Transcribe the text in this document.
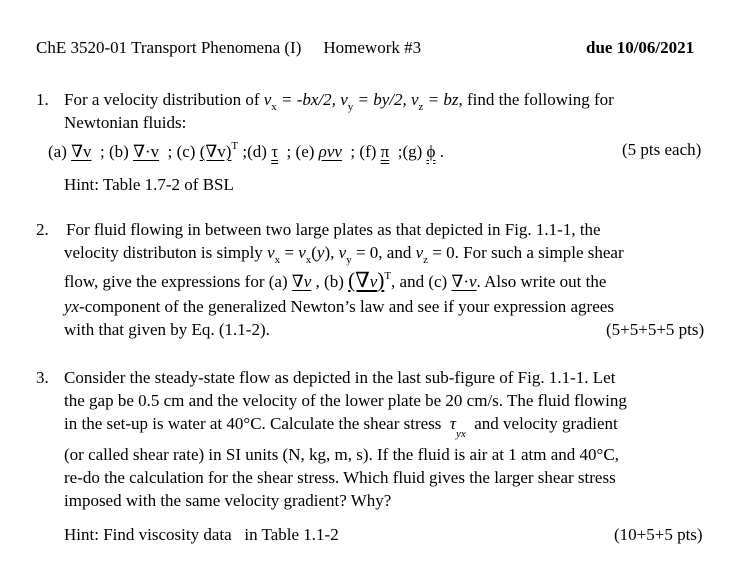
ChE 3520-01 Transport Phenomena (I) Homework #3	due 10/06/2021
1. For a velocity distribution of $v_x = -bx/2$, $v_y = by/2$, $v_z$ = bz, find the following for
Newtonian fluids:
(a) ∇v ; (b) ∇·v ; (c) $(\nabla v)^T$ ;(d) τ ; (e) ρvv ; (f) π ;(g) ϕ .	(5 pts each)
Hint: Table 1.7-2 of BSL
2. For fluid flowing in between two large plates as that depicted in Fig. 1.1-1, the
velocity distributon is simply $v_x = v_x(y)$, $v_y = 0$, and $v_z = 0$. For such a simple shear
flow, give the expressions for (a) ∇v , (b) $(\nabla v)^T$, and (c) ∇·v. Also write out the
yx-component of the generalized Newton’s law and see if your expression agrees
with that given by Eq. (1.1-2).	(5+5+5+5 pts)
3. Consider the steady-state flow as depicted in the last sub-figure of Fig. 1.1-1. Let
the gap be 0.5 cm and the velocity of the lower plate be 20 cm/s. The fluid flowing
in the set-up is water at 40°C. Calculate the shear stress $\tau_{yx}$  and velocity gradient
(or called shear rate) in SI units (N, kg, m, s). If the fluid is air at 1 atm and 40°C,
re-do the calculation for the shear stress. Which fluid gives the larger shear stress
imposed with the same velocity gradient? Why?
Hint: Find viscosity data   in Table 1.1-2	(10+5+5 pts)
